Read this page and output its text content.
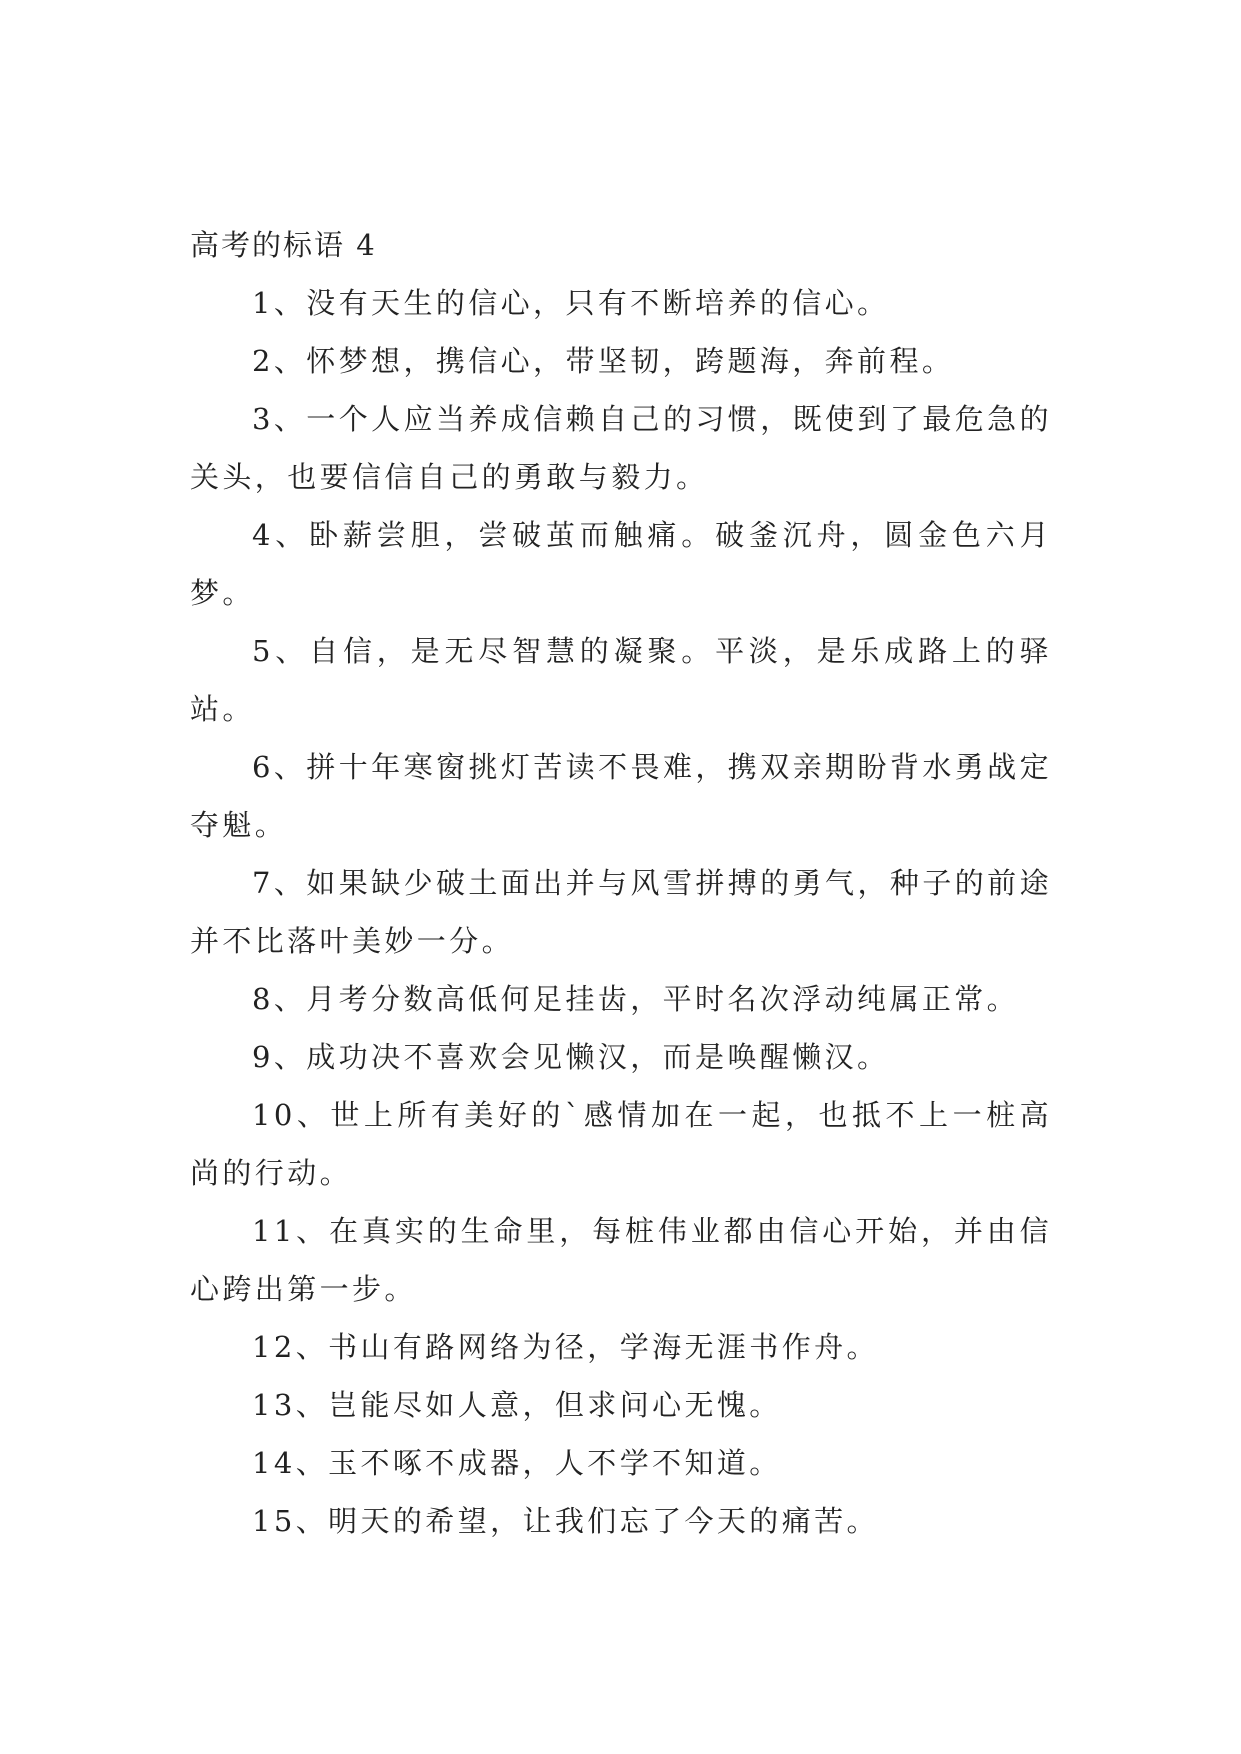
高考的标语 4

1、没有天生的信心，只有不断培养的信心。

2、怀梦想，携信心，带坚韧，跨题海，奔前程。

3、一个人应当养成信赖自己的习惯，既使到了最危急的关头，也要信信自己的勇敢与毅力。

4、卧薪尝胆，尝破茧而触痛。破釜沉舟，圆金色六月梦。

5、自信，是无尽智慧的凝聚。平淡，是乐成路上的驿站。

6、拼十年寒窗挑灯苦读不畏难，携双亲期盼背水勇战定夺魁。

7、如果缺少破土面出并与风雪拼搏的勇气，种子的前途并不比落叶美妙一分。

8、月考分数高低何足挂齿，平时名次浮动纯属正常。

9、成功决不喜欢会见懒汉，而是唤醒懒汉。

10、世上所有美好的`感情加在一起，也抵不上一桩高尚的行动。

11、在真实的生命里，每桩伟业都由信心开始，并由信心跨出第一步。

12、书山有路网络为径，学海无涯书作舟。

13、岂能尽如人意，但求问心无愧。

14、玉不啄不成器，人不学不知道。

15、明天的希望，让我们忘了今天的痛苦。
